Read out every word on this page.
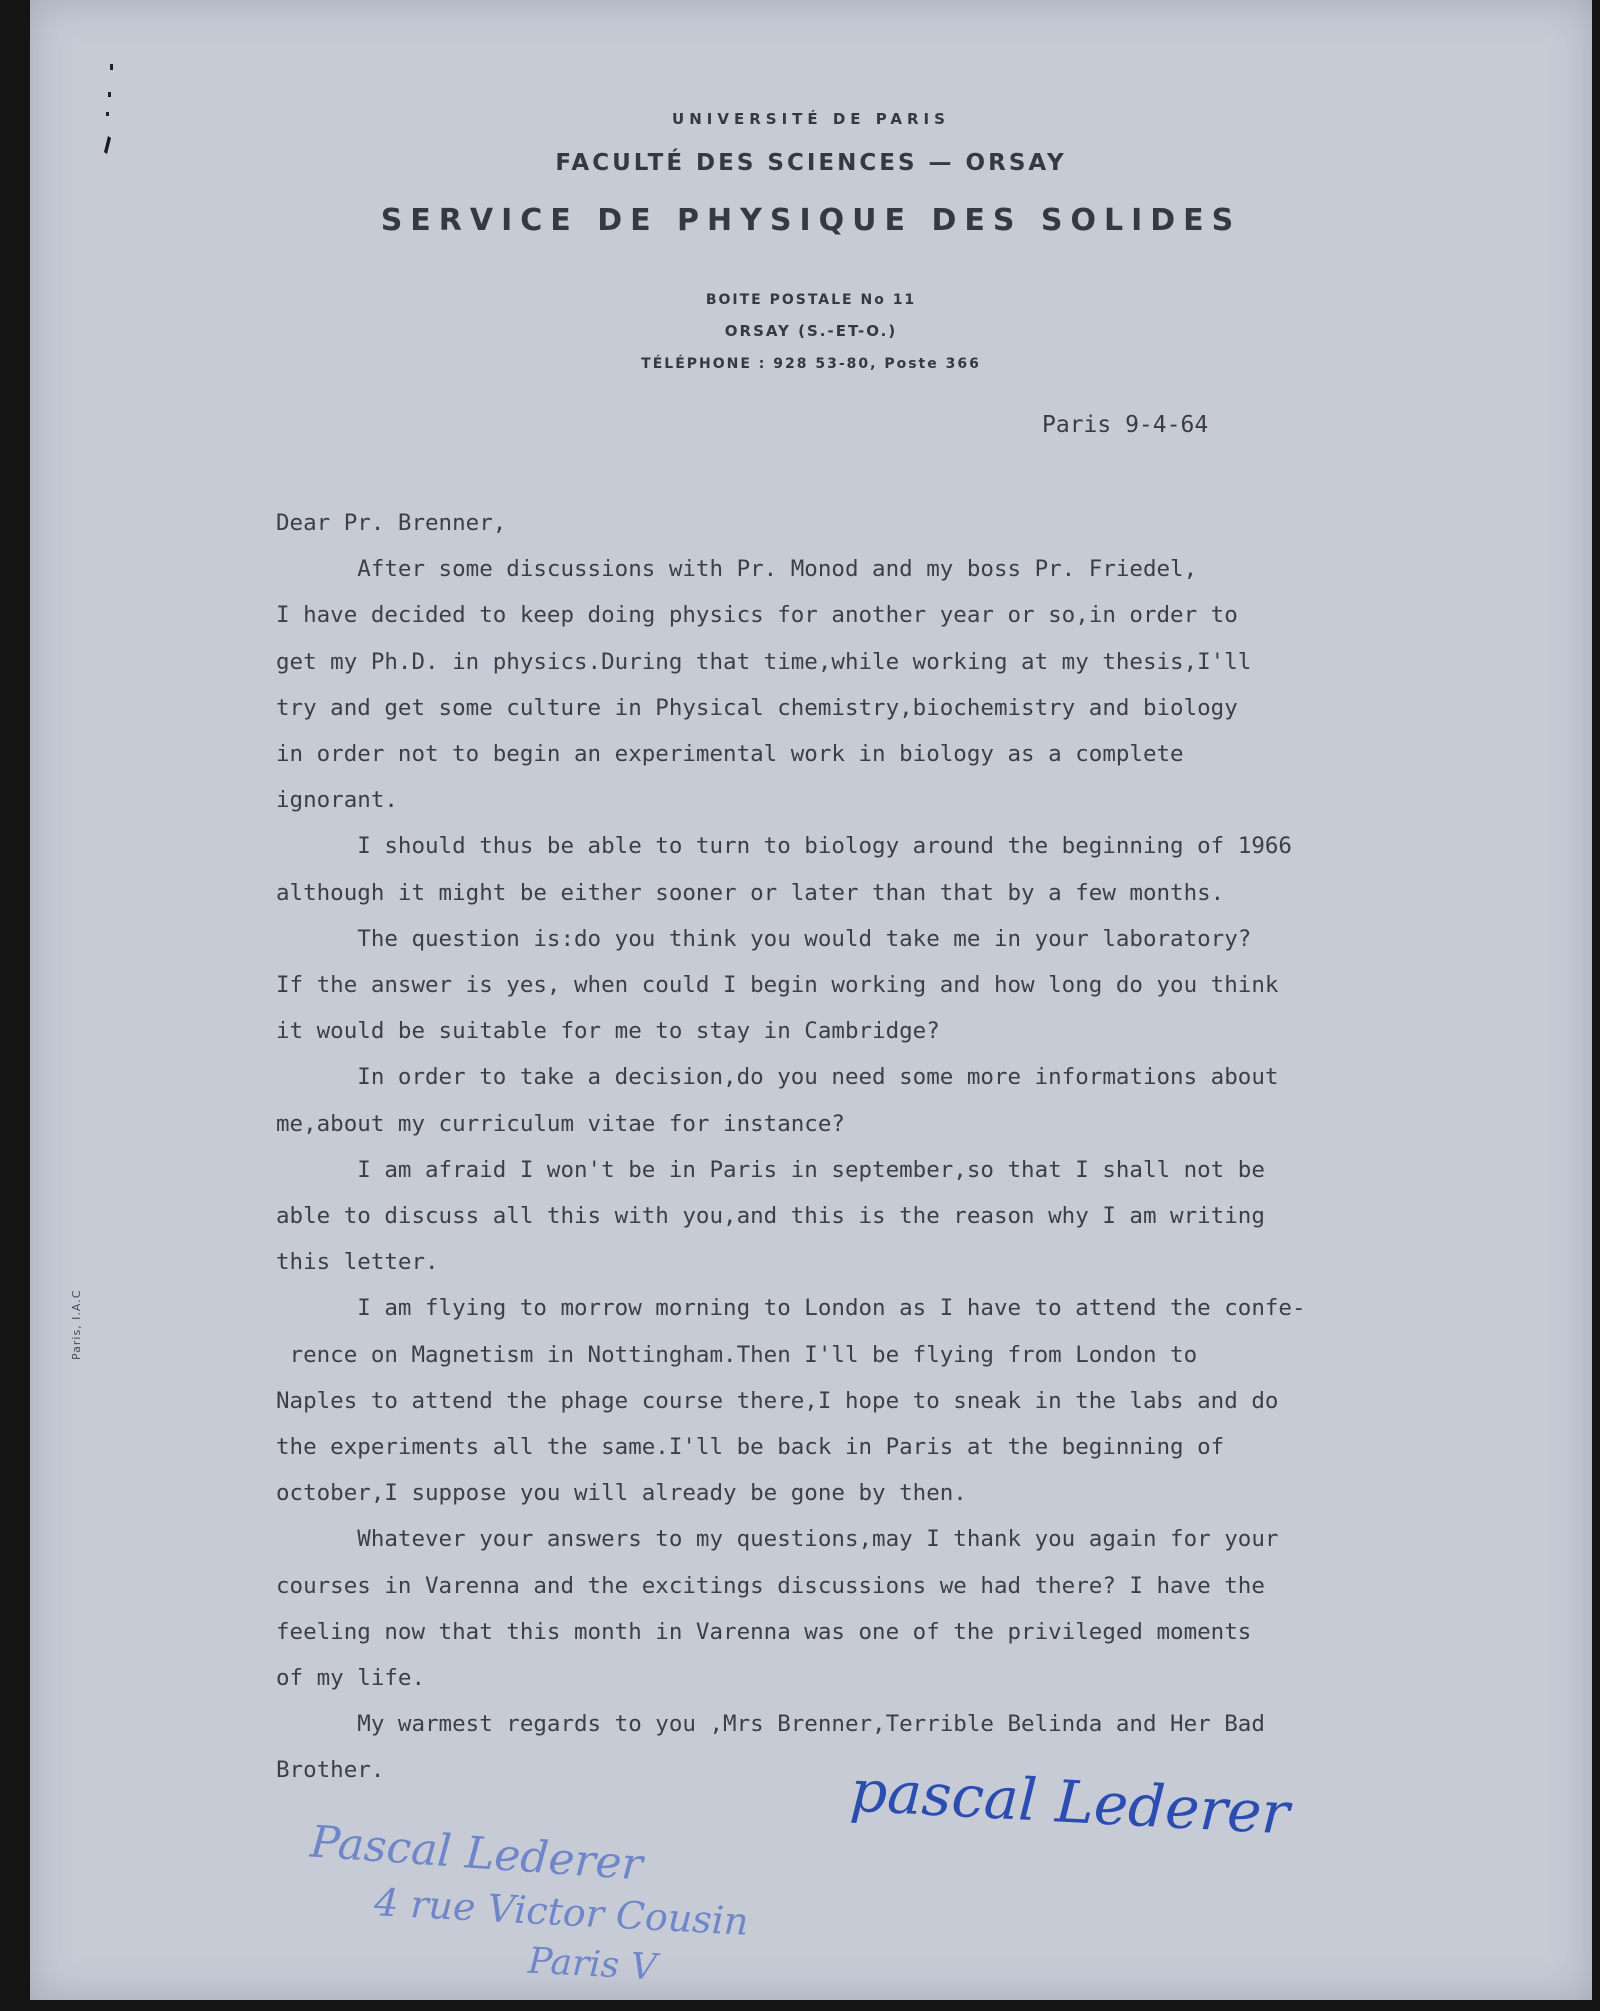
UNIVERSITÉ DE PARIS
FACULTÉ DES SCIENCES — ORSAY
SERVICE DE PHYSIQUE DES SOLIDES
BOITE POSTALE No 11
ORSAY (S.-ET-O.)
TÉLÉPHONE : 928 53-80, Poste 366
Paris 9-4-64
Dear Pr. Brenner,
After some discussions with Pr. Monod and my boss Pr. Friedel,
I have decided to keep doing physics for another year or so,in order to
get my Ph.D. in physics.During that time,while working at my thesis,I'll
try and get some culture in Physical chemistry,biochemistry and biology
in order not to begin an experimental work in biology as a complete
ignorant.
I should thus be able to turn to biology around the beginning of 1966
although it might be either sooner or later than that by a few months.
The question is:do you think you would take me in your laboratory?
If the answer is yes, when could I begin working and how long do you think
it would be suitable for me to stay in Cambridge?
In order to take a decision,do you need some more informations about
me,about my curriculum vitae for instance?
I am afraid I won't be in Paris in september,so that I shall not be
able to discuss all this with you,and this is the reason why I am writing
this letter.
I am flying to morrow morning to London as I have to attend the confe-
rence on Magnetism in Nottingham.Then I'll be flying from London to
Naples to attend the phage course there,I hope to sneak in the labs and do
the experiments all the same.I'll be back in Paris at the beginning of
october,I suppose you will already be gone by then.
Whatever your answers to my questions,may I thank you again for your
courses in Varenna and the excitings discussions we had there? I have the
feeling now that this month in Varenna was one of the privileged moments
of my life.
My warmest regards to you ,Mrs Brenner,Terrible Belinda and Her Bad
Brother.
Paris, I.A.C
pascal Lederer
Pascal Lederer
4 rue Victor Cousin
Paris V
